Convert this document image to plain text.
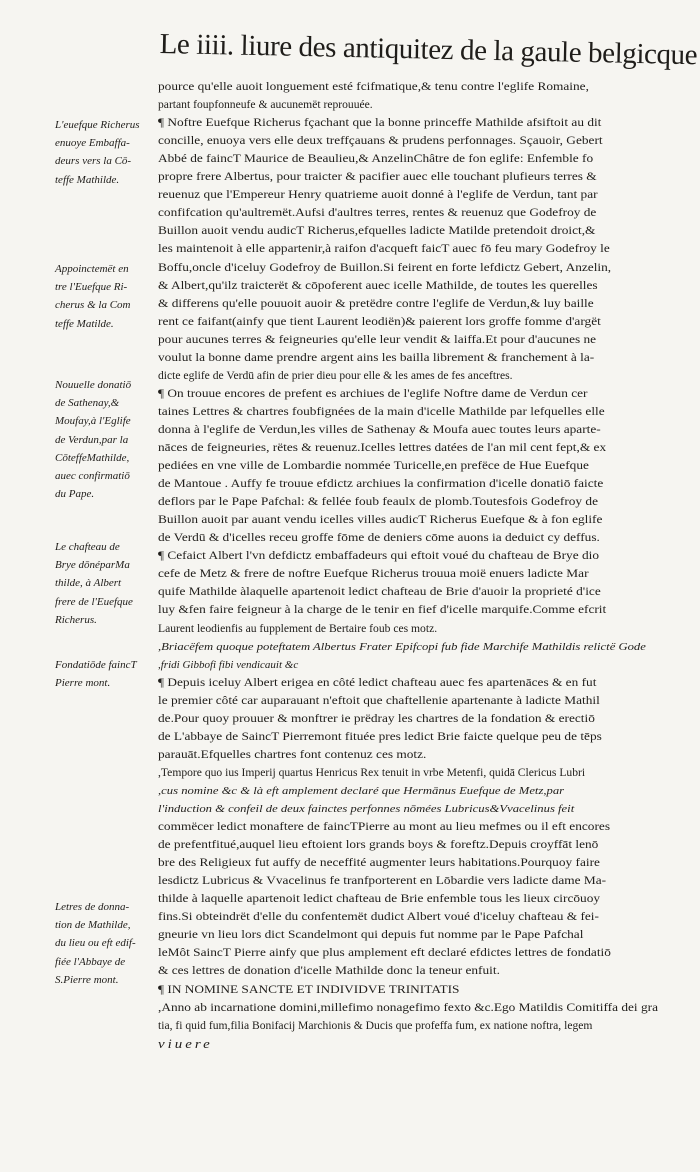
Le iiii. liure des antiquitez de la gaule belgicque
pource qu'elle auoit longuement esté fcifmatique,& tenu contre l'eglife Romaine,
partant foupfonneufe & aucunemët reprouuée.
¶ Noftre Euefque Richerus fçachant que la bonne princeffe Mathilde afsiftoit au dit
concille, enuoya vers elle deux treffçauans & prudens perfonnages. Sçauoir, Gebert
Abbé de faincT Maurice de Beaulieu,& AnzelinChâtre de fon eglife: Enfemble fo
propre frere Albertus, pour traicter & pacifier auec elle touchant plufieurs terres &
reuenuz que l'Empereur Henry quatrieme auoit donné à l'eglife de Verdun, tant par
confifcation qu'aultremët.Aufsi d'aultres terres, rentes & reuenuz que Godefroy de
Buillon auoit vendu audicT Richerus,efquelles ladicte Matilde pretendoit droict,&
les maintenoit à elle appartenir,à raifon d'acqueft faicT auec fō feu mary Godefroy le
Boffu,oncle d'iceluy Godefroy de Buillon.Si feirent en forte lefdictz Gebert, Anzelin,
& Albert,qu'ilz traicterët & cōpoferent auec icelle Mathilde, de toutes les querelles
& differens qu'elle pouuoit auoir & pretëdre contre l'eglife de Verdun,& luy baille
rent ce faifant(ainfy que tient Laurent leodiën)& paierent lors groffe fomme d'argët
pour aucunes terres & feigneuries qu'elle leur vendit & laiffa.Et pour d'aucunes ne
voulut la bonne dame prendre argent ains les bailla librement & franchement à la-
dicte eglife de Verdū afin de prier dieu pour elle & les ames de fes anceftres.
¶ On trouue encores de prefent es archiues de l'eglife Noftre dame de Verdun cer
taines Lettres & chartres foubfignées de la main d'icelle Mathilde par lefquelles elle
donna à l'eglife de Verdun,les villes de Sathenay & Moufa auec toutes leurs aparte-
nāces de feigneuries, rëtes & reuenuz.Icelles lettres datées de l'an mil cent fept,& ex
pediées en vne ville de Lombardie nommée Turicelle,en prefëce de Hue Euefque
de Mantoue . Auffy fe trouue efdictz archiues la confirmation d'icelle donatiō faicte
deflors par le Pape Pafchal: & fellée foub feaulx de plomb.Toutesfois Godefroy de
Buillon auoit par auant vendu icelles villes audicT Richerus Euefque & à fon eglife
de Verdū & d'icelles receu groffe fōme de deniers cōme auons ia deduict cy deffus.
¶ Cefaict Albert l'vn defdictz embaffadeurs qui eftoit voué du chafteau de Brye dio
cefe de Metz & frere de noftre Euefque Richerus trouua moië enuers ladicte Mar
quife Mathilde àlaquelle apartenoit ledict chafteau de Brie d'auoir la proprieté d'ice
luy &fen faire feigneur à la charge de le tenir en fief d'icelle marquife.Comme efcrit
Laurent leodienfis au fupplement de Bertaire foub ces motz.
,Briacëfem quoque poteftatem Albertus Frater Epifcopi fub fide Marchife Mathildis relictë Gode
,fridi Gibbofi fibi vendicauit &c
¶ Depuis iceluy Albert erigea en côté ledict chafteau auec fes apartenāces & en fut
le premier côté car auparauant n'eftoit que chaftellenie apartenante à ladicte Mathil
de.Pour quoy prouuer & monftrer ie prëdray les chartres de la fondation & erectiō
de L'abbaye de SaincT Pierremont fituée pres ledict Brie faicte quelque peu de tēps
parauāt.Efquelles chartres font contenuz ces motz.
,Tempore quo ius Imperij quartus Henricus Rex tenuit in vrbe Metenfi, quidā Clericus Lubri
,cus nomine &c & là eft amplement declaré que Hermānus Euefque de Metz,par
l'induction & confeil de deux fainctes perfonnes nōmées Lubricus&Vvacelinus feit
commëcer ledict monaftere de faincTPierre au mont au lieu mefmes ou il eft encores
de prefentfitué,auquel lieu eftoient lors grands boys & foreftz.Depuis croyffāt lenō
bre des Religieux fut auffy de neceffité augmenter leurs habitations.Pourquoy faire
lesdictz Lubricus & Vvacelinus fe tranfporterent en Lōbardie vers ladicte dame Ma-
thilde à laquelle apartenoit ledict chafteau de Brie enfemble tous les lieux circōuoy
fins.Si obteindrët d'elle du confentemët dudict Albert voué d'iceluy chafteau & fei-
gneurie vn lieu lors dict Scandelmont qui depuis fut nomme par le Pape Pafchal
leMôt SaincT Pierre ainfy que plus amplement eft declaré efdictes lettres de fondatiō
& ces lettres de donation d'icelle Mathilde donc la teneur enfuit.
¶ IN NOMINE SANCTE ET INDIVIDVE TRINITATIS
,Anno ab incarnatione domini,millefimo nonagefimo fexto &c.Ego Matildis Comitiffa dei gra
tia, fi quid fum,filia Bonifacij Marchionis & Ducis que profeffa fum, ex natione noftra, legem
viuere
L'euefque Richerus
enuoye Embaffa-
deurs vers la Cō-
teffe Mathilde.
Appoinctemët en
tre l'Euefque Ri-
cherus & la Com
teffe Matilde.
Nouuelle donatiō
de Sathenay,&
Moufay,à l'Eglife
de Verdun,par la
CōteffeMathilde,
auec confirmatiō
du Pape.
Le chafteau de
Brye dōnéparMa
thilde, à Albert
frere de l'Euefque
Richerus.
Fondatiōde faincT
Pierre mont.
Letres de donna-
tion de Mathilde,
du lieu ou eft edif-
fiée l'Abbaye de
S.Pierre mont.
